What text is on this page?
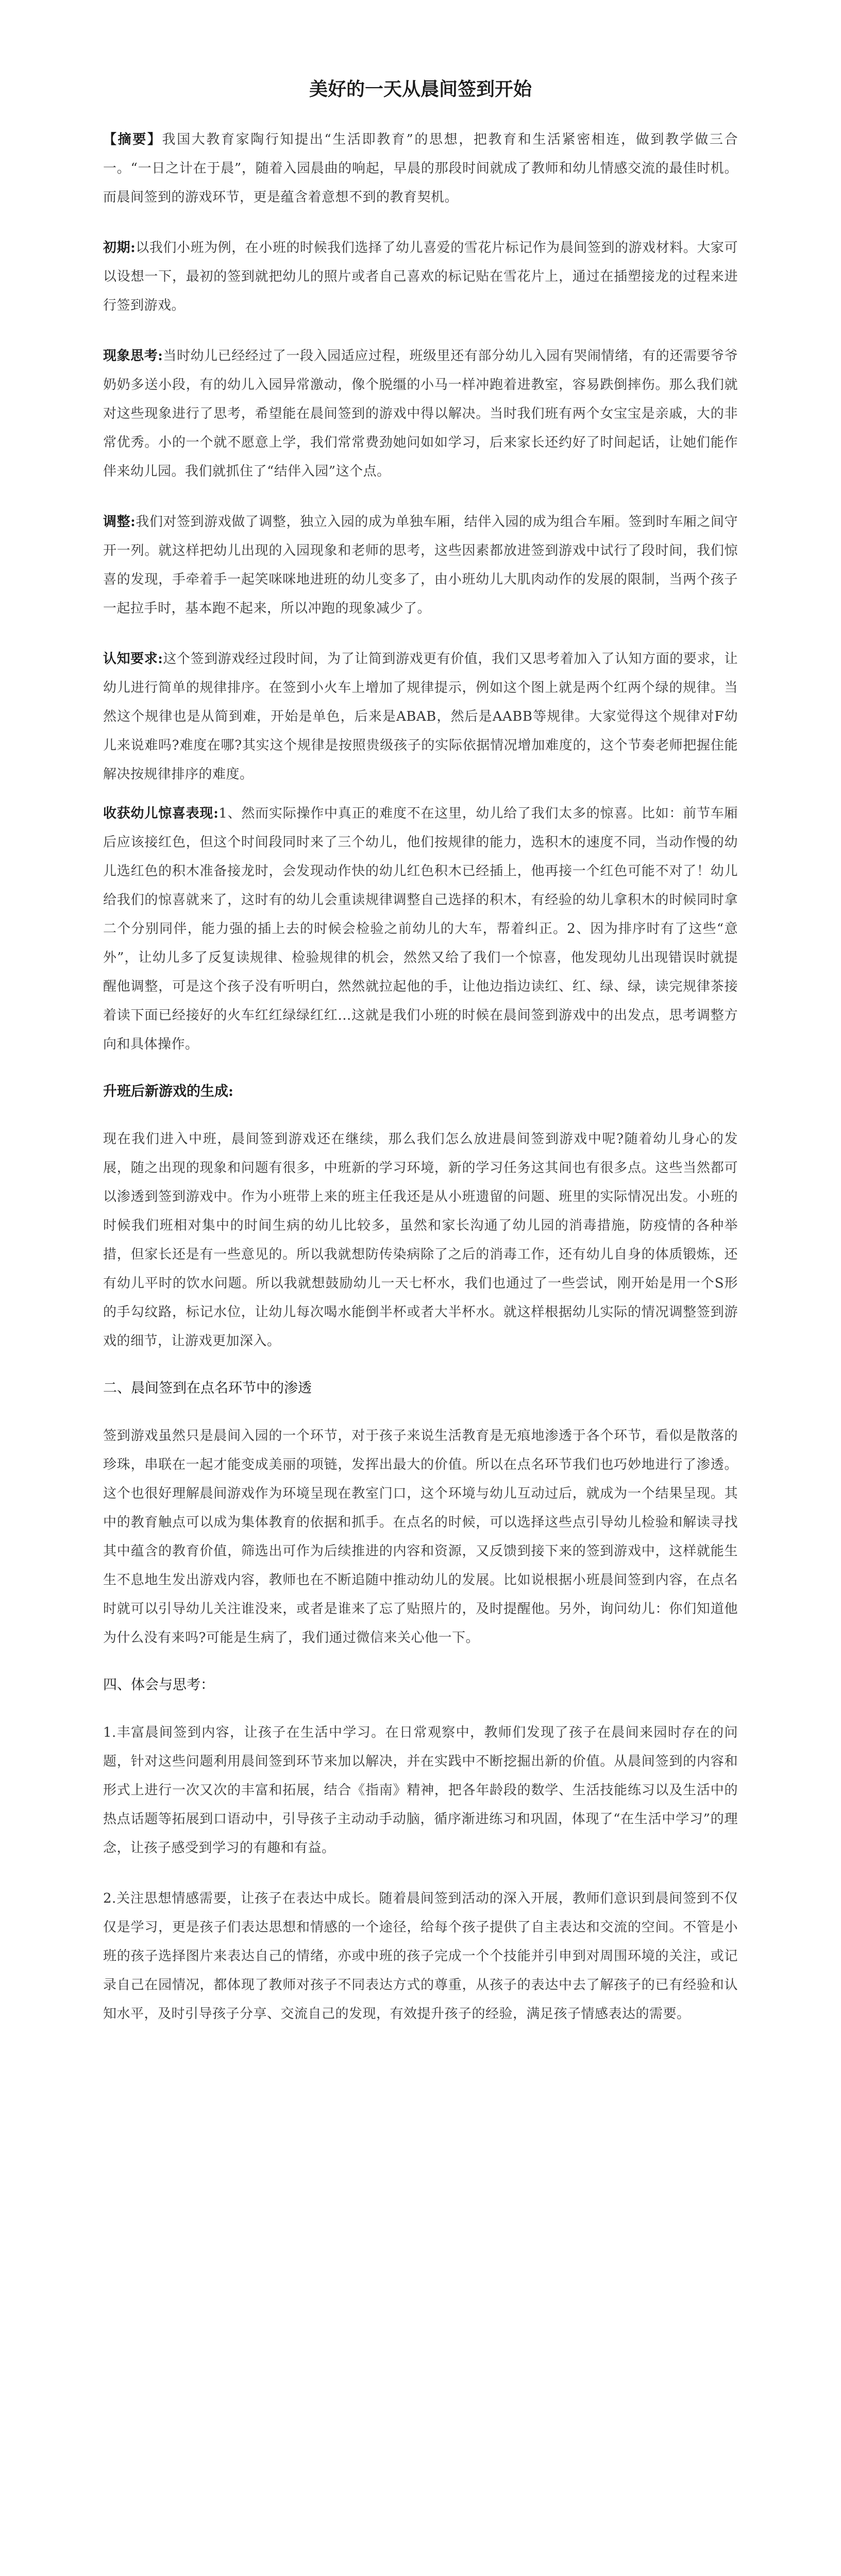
美好的一天从晨间签到开始

【摘要】我国大教育家陶行知提出“生活即教育”的思想，把教育和生活紧密相连，做到教学做三合一。“一日之计在于晨”，随着入园晨曲的响起，早晨的那段时间就成了教师和幼儿情感交流的最佳时机。而晨间签到的游戏环节，更是蕴含着意想不到的教育契机。

初期:以我们小班为例，在小班的时候我们选择了幼儿喜爱的雪花片标记作为晨间签到的游戏材料。大家可以设想一下，最初的签到就把幼儿的照片或者自己喜欢的标记贴在雪花片上，通过在插塑接龙的过程来进行签到游戏。

现象思考:当时幼儿已经经过了一段入园适应过程，班级里还有部分幼儿入园有哭闹情绪，有的还需要爷爷奶奶多送小段，有的幼儿入园异常激动，像个脱缰的小马一样冲跑着进教室，容易跌倒摔伤。那么我们就对这些现象进行了思考，希望能在晨间签到的游戏中得以解决。当时我们班有两个女宝宝是亲戚，大的非常优秀。小的一个就不愿意上学，我们常常费劲她问如如学习，后来家长还约好了时间起话，让她们能作伴来幼儿园。我们就抓住了“结伴入园”这个点。

调整:我们对签到游戏做了调整，独立入园的成为单独车厢，结伴入园的成为组合车厢。签到时车厢之间守开一列。就这样把幼儿出现的入园现象和老师的思考，这些因素都放进签到游戏中试行了段时间，我们惊喜的发现，手牵着手一起笑咪咪地进班的幼儿变多了，由小班幼儿大肌肉动作的发展的限制，当两个孩子一起拉手时，基本跑不起来，所以冲跑的现象减少了。

认知要求:这个签到游戏经过段时间，为了让简到游戏更有价值，我们又思考着加入了认知方面的要求，让幼儿进行简单的规律排序。在签到小火车上增加了规律提示，例如这个图上就是两个红两个绿的规律。当然这个规律也是从简到难，开始是单色，后来是ABAB，然后是AABB等规律。大家觉得这个规律对F幼儿来说难吗?难度在哪?其实这个规律是按照贵级孩子的实际依据情况增加难度的，这个节奏老师把握住能解决按规律排序的难度。

收获幼儿惊喜表现:1、然而实际操作中真正的难度不在这里，幼儿给了我们太多的惊喜。比如：前节车厢后应该接红色，但这个时间段同时来了三个幼儿，他们按规律的能力，选积木的速度不同，当动作慢的幼儿选红色的积木准备接龙时，会发现动作快的幼儿红色积木已经插上，他再接一个红色可能不对了！幼儿给我们的惊喜就来了，这时有的幼儿会重读规律调整自己选择的积木，有经验的幼儿拿积木的时候同时拿二个分别同伴，能力强的插上去的时候会检验之前幼儿的大车，帮着纠正。2、因为排序时有了这些“意外”，让幼儿多了反复读规律、检验规律的机会，然然又给了我们一个惊喜，他发现幼儿出现错误时就提醒他调整，可是这个孩子没有听明白，然然就拉起他的手，让他边指边读红、红、绿、绿，读完规律茶接着读下面已经接好的火车红红绿绿红红...这就是我们小班的时候在晨间签到游戏中的出发点，思考调整方向和具体操作。

升班后新游戏的生成:

现在我们进入中班，晨间签到游戏还在继续，那么我们怎么放进晨间签到游戏中呢?随着幼儿身心的发展，随之出现的现象和问题有很多，中班新的学习环境，新的学习任务这其间也有很多点。这些当然都可以渗透到签到游戏中。作为小班带上来的班主任我还是从小班遗留的问题、班里的实际情况出发。小班的时候我们班相对集中的时间生病的幼儿比较多，虽然和家长沟通了幼儿园的消毒措施，防疫情的各种举措，但家长还是有一些意见的。所以我就想防传染病除了之后的消毒工作，还有幼儿自身的体质锻炼，还有幼儿平时的饮水问题。所以我就想鼓励幼儿一天七杯水，我们也通过了一些尝试，刚开始是用一个S形的手勾纹路，标记水位，让幼儿每次喝水能倒半杯或者大半杯水。就这样根据幼儿实际的情况调整签到游戏的细节，让游戏更加深入。

二、晨间签到在点名环节中的渗透

签到游戏虽然只是晨间入园的一个环节，对于孩子来说生活教育是无痕地渗透于各个环节，看似是散落的珍珠，串联在一起才能变成美丽的项链，发挥出最大的价值。所以在点名环节我们也巧妙地进行了渗透。这个也很好理解晨间游戏作为环境呈现在教室门口，这个环境与幼儿互动过后，就成为一个结果呈现。其中的教育触点可以成为集体教育的依据和抓手。在点名的时候，可以选择这些点引导幼儿检验和解读寻找其中蕴含的教育价值，筛选出可作为后续推进的内容和资源，又反馈到接下来的签到游戏中，这样就能生生不息地生发出游戏内容，教师也在不断追随中推动幼儿的发展。比如说根据小班晨间签到内容，在点名时就可以引导幼儿关注谁没来，或者是谁来了忘了贴照片的，及时提醒他。另外，询问幼儿：你们知道他为什么没有来吗?可能是生病了，我们通过微信来关心他一下。

四、体会与思考：

1.丰富晨间签到内容，让孩子在生活中学习。在日常观察中，教师们发现了孩子在晨间来园时存在的问题，针对这些问题利用晨间签到环节来加以解决，并在实践中不断挖掘出新的价值。从晨间签到的内容和形式上进行一次又次的丰富和拓展，结合《指南》精神，把各年龄段的数学、生活技能练习以及生活中的热点话题等拓展到口语动中，引导孩子主动动手动脑，循序渐进练习和巩固，体现了“在生活中学习”的理念，让孩子感受到学习的有趣和有益。

2.关注思想情感需要，让孩子在表达中成长。随着晨间签到活动的深入开展，教师们意识到晨间签到不仅仅是学习，更是孩子们表达思想和情感的一个途径，给每个孩子提供了自主表达和交流的空间。不管是小班的孩子选择图片来表达自己的情绪，亦或中班的孩子完成一个个技能并引申到对周围环境的关注，或记录自己在园情况，都体现了教师对孩子不同表达方式的尊重，从孩子的表达中去了解孩子的已有经验和认知水平，及时引导孩子分享、交流自己的发现，有效提升孩子的经验，满足孩子情感表达的需要。
